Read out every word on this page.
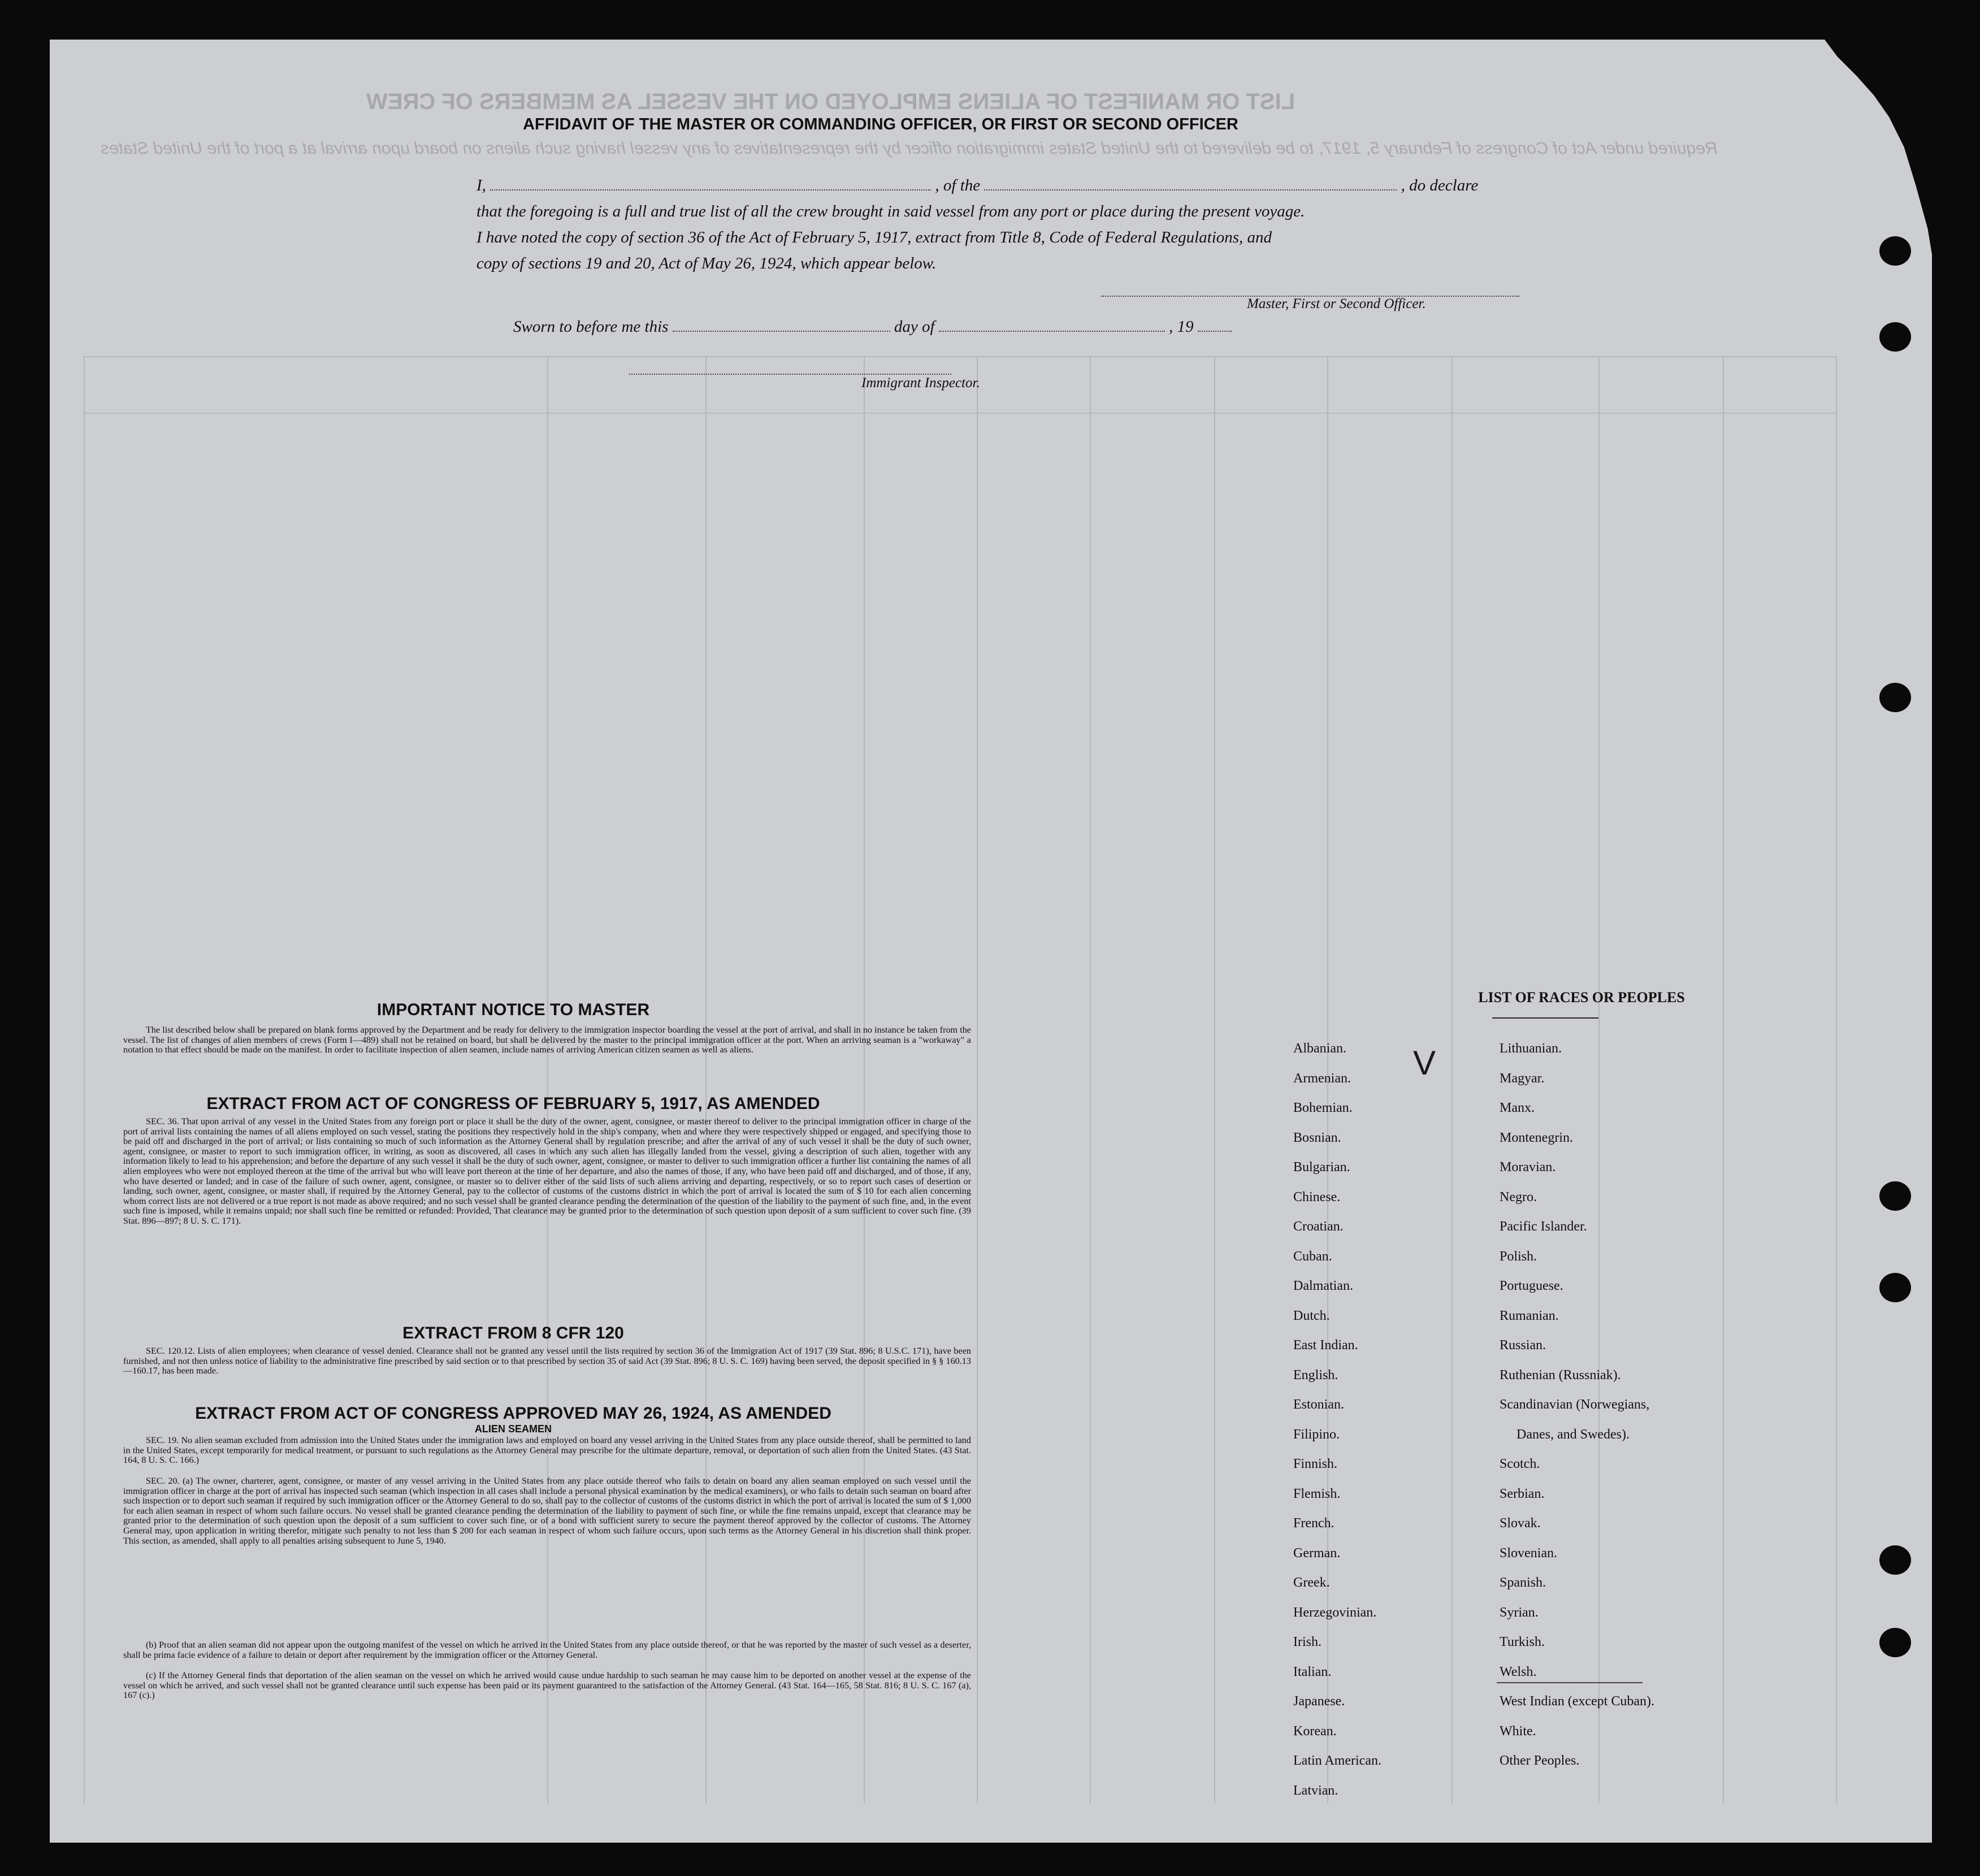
LIST OR MANIFEST OF ALIENS EMPLOYED ON THE VESSEL AS MEMBERS OF CREW
Required under Act of Congress of February 5, 1917, to be delivered to the United States immigration officer by the representatives of any vessel having such aliens on board upon arrival at a port of the United States
AFFIDAVIT OF THE MASTER OR COMMANDING OFFICER, OR FIRST OR SECOND OFFICER
I,	, of the	, do declare
that the foregoing is a full and true list of all the crew brought in said vessel from any port or place during the present voyage.
I have noted the copy of section 36 of the Act of February 5, 1917, extract from Title 8, Code of Federal Regulations, and
copy of sections 19 and 20, Act of May 26, 1924, which appear below.
Master, First or Second Officer.
Sworn to before me this	day of	, 19
Immigrant Inspector.
IMPORTANT NOTICE TO MASTER

The list described below shall be prepared on blank forms approved by the Department and be ready for delivery to the immigration inspector boarding the vessel at the port of arrival, and shall in no instance be taken from the vessel. The list of changes of alien members of crews (Form I—489) shall not be retained on board, but shall be delivered by the master to the principal immigration officer at the port. When an arriving seaman is a "workaway" a notation to that effect should be made on the manifest. In order to facilitate inspection of alien seamen, include names of arriving American citizen seamen as well as aliens.

EXTRACT FROM ACT OF CONGRESS OF FEBRUARY 5, 1917, AS AMENDED

SEC. 36. That upon arrival of any vessel in the United States from any foreign port or place it shall be the duty of the owner, agent, consignee, or master thereof to deliver to the principal immigration officer in charge of the port of arrival lists containing the names of all aliens employed on such vessel, stating the positions they respectively hold in the ship's company, when and where they were respectively shipped or engaged, and specifying those to be paid off and discharged in the port of arrival; or lists containing so much of such information as the Attorney General shall by regulation prescribe; and after the arrival of any of such vessel it shall be the duty of such owner, agent, consignee, or master to report to such immigration officer, in writing, as soon as discovered, all cases in which any such alien has illegally landed from the vessel, giving a description of such alien, together with any information likely to lead to his apprehension; and before the departure of any such vessel it shall be the duty of such owner, agent, consignee, or master to deliver to such immigration officer a further list containing the names of all alien employees who were not employed thereon at the time of the arrival but who will leave port thereon at the time of her departure, and also the names of those, if any, who have been paid off and discharged, and of those, if any, who have deserted or landed; and in case of the failure of such owner, agent, consignee, or master so to deliver either of the said lists of such aliens arriving and departing, respectively, or so to report such cases of desertion or landing, such owner, agent, consignee, or master shall, if required by the Attorney General, pay to the collector of customs of the customs district in which the port of arrival is located the sum of $ 10 for each alien concerning whom correct lists are not delivered or a true report is not made as above required; and no such vessel shall be granted clearance pending the determination of the question of the liability to the payment of such fine, and, in the event such fine is imposed, while it remains unpaid; nor shall such fine be remitted or refunded: Provided, That clearance may be granted prior to the determination of such question upon deposit of a sum sufficient to cover such fine. (39 Stat. 896—897; 8 U. S. C. 171).

EXTRACT FROM 8 CFR 120

SEC. 120.12. Lists of alien employees; when clearance of vessel denied. Clearance shall not be granted any vessel until the lists required by section 36 of the Immigration Act of 1917 (39 Stat. 896; 8 U.S.C. 171), have been furnished, and not then unless notice of liability to the administrative fine prescribed by said section or to that prescribed by section 35 of said Act (39 Stat. 896; 8 U. S. C. 169) having been served, the deposit specified in § § 160.13—160.17, has been made.

EXTRACT FROM ACT OF CONGRESS APPROVED MAY 26, 1924, AS AMENDED
ALIEN SEAMEN

SEC. 19. No alien seaman excluded from admission into the United States under the immigration laws and employed on board any vessel arriving in the United States from any place outside thereof, shall be permitted to land in the United States, except temporarily for medical treatment, or pursuant to such regulations as the Attorney General may prescribe for the ultimate departure, removal, or deportation of such alien from the United States. (43 Stat. 164, 8 U. S. C. 166.)

SEC. 20. (a) The owner, charterer, agent, consignee, or master of any vessel arriving in the United States from any place outside thereof who fails to detain on board any alien seaman employed on such vessel until the immigration officer in charge at the port of arrival has inspected such seaman (which inspection in all cases shall include a personal physical examination by the medical examiners), or who fails to detain such seaman on board after such inspection or to deport such seaman if required by such immigration officer or the Attorney General to do so, shall pay to the collector of customs of the customs district in which the port of arrival is located the sum of $ 1,000 for each alien seaman in respect of whom such failure occurs. No vessel shall be granted clearance pending the determination of the liability to payment of such fine, or while the fine remains unpaid, except that clearance may be granted prior to the determination of such question upon the deposit of a sum sufficient to cover such fine, or of a bond with sufficient surety to secure the payment thereof approved by the collector of customs. The Attorney General may, upon application in writing therefor, mitigate such penalty to not less than $ 200 for each seaman in respect of whom such failure occurs, upon such terms as the Attorney General in his discretion shall think proper. This section, as amended, shall apply to all penalties arising subsequent to June 5, 1940.

(b) Proof that an alien seaman did not appear upon the outgoing manifest of the vessel on which he arrived in the United States from any place outside thereof, or that he was reported by the master of such vessel as a deserter, shall be prima facie evidence of a failure to detain or deport after requirement by the immigration officer or the Attorney General.

(c) If the Attorney General finds that deportation of the alien seaman on the vessel on which he arrived would cause undue hardship to such seaman he may cause him to be deported on another vessel at the expense of the vessel on which he arrived, and such vessel shall not be granted clearance until such expense has been paid or its payment guaranteed to the satisfaction of the Attorney General. (43 Stat. 164—165, 58 Stat. 816; 8 U. S. C. 167 (a), 167 (c).)

LIST OF RACES OR PEOPLES
Albanian.
Armenian.
Bohemian.
Bosnian.
Bulgarian.
Chinese.
Croatian.
Cuban.
Dalmatian.
Dutch.
East Indian.
English.
Estonian.
Filipino.
Finnish.
Flemish.
French.
German.
Greek.
Herzegovinian.
Irish.
Italian.
Japanese.
Korean.
Latin American.
Latvian.
Lithuanian.
Magyar.
Manx.
Montenegrin.
Moravian.
Negro.
Pacific Islander.
Polish.
Portuguese.
Rumanian.
Russian.
Ruthenian (Russniak).
Scandinavian (Norwegians,
Danes, and Swedes).
Scotch.
Serbian.
Slovak.
Slovenian.
Spanish.
Syrian.
Turkish.
Welsh.
West Indian (except Cuban).
White.
Other Peoples.
V
